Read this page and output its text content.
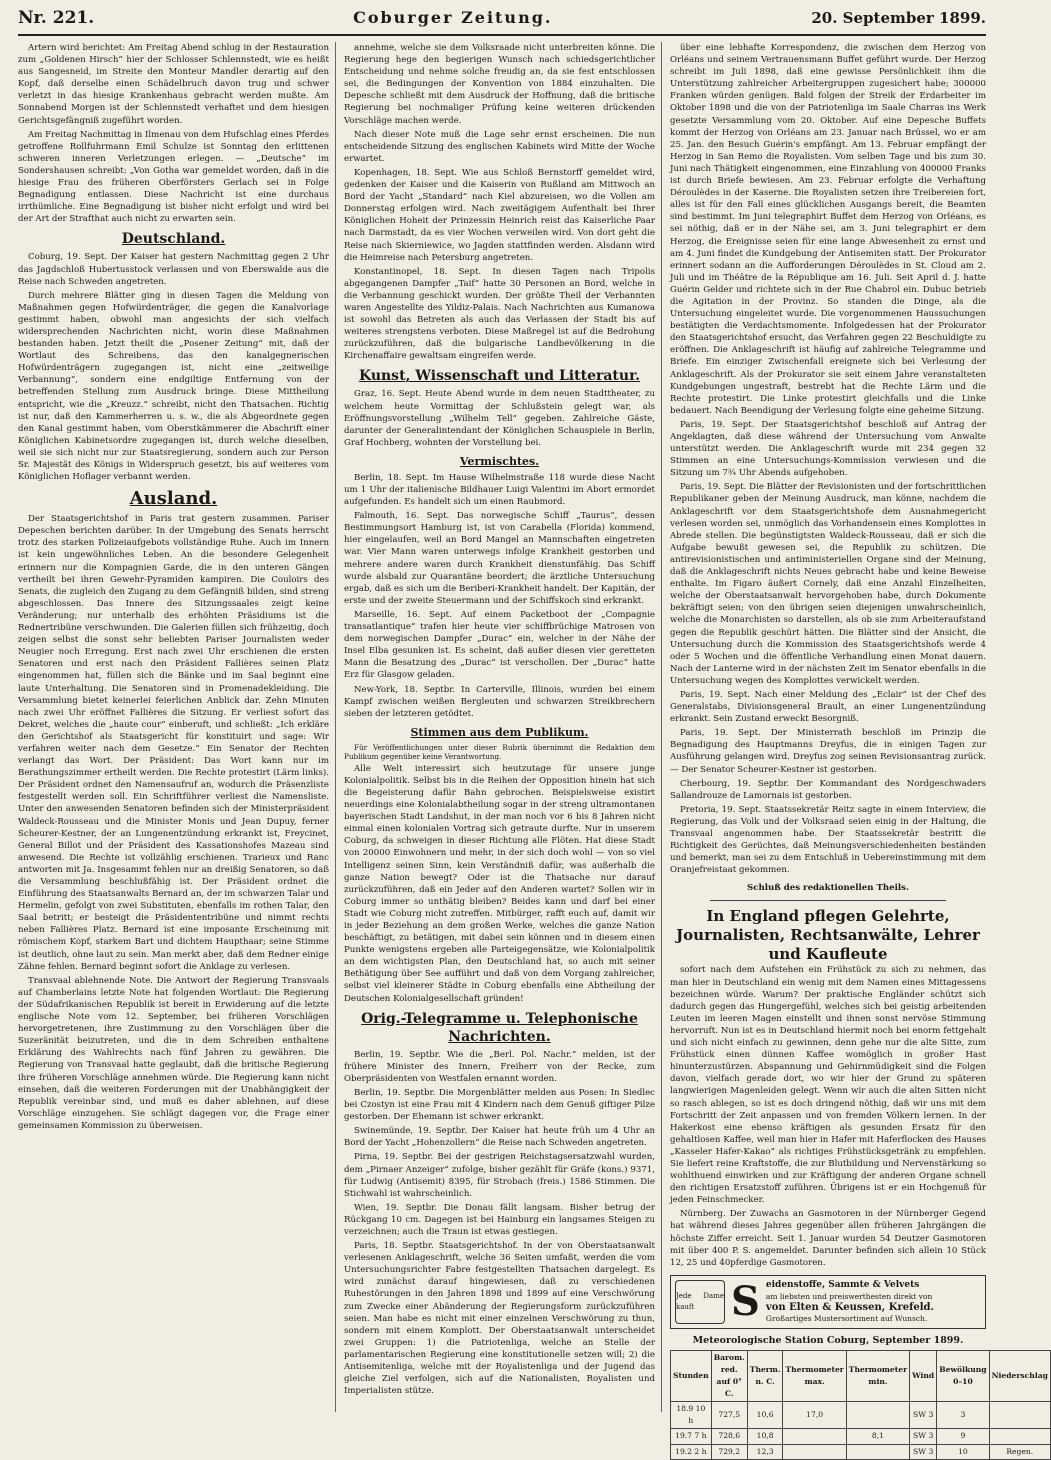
Nr. 221.	Coburger Zeitung.	20. September 1899.

Artern wird berichtet: Am Freitag Abend schlug in der Restauration zum „Goldenen Hirsch“ hier der Schlosser Schlennstedt, wie es heißt aus Sangesneid, im Streite den Monteur Mandler derartig auf den Kopf, daß derselbe einen Schädelbruch davon trug und schwer verletzt in das hiesige Krankenhaus gebracht werden mußte. Am Sonnabend Morgen ist der Schlennstedt verhaftet und dem hiesigen Gerichtsgefängniß zugeführt worden.

Am Freitag Nachmittag in Ilmenau von dem Hufschlag eines Pferdes getroffene Rollfuhrmann Emil Schulze ist Sonntag den erlittenen schweren inneren Verletzungen erlegen. — „Deutsche“ im Sondershausen schreibt: „Von Gotha war gemeldet worden, daß in die hiesige Frau des früheren Oberförsters Gerlach sei in Folge Begnadigung entlassen. Diese Nachricht ist eine durchaus irrthümliche. Eine Begnadigung ist bisher nicht erfolgt und wird bei der Art der Strafthat auch nicht zu erwarten sein.

Deutschland.

Coburg, 19. Sept. Der Kaiser hat gestern Nachmittag gegen 2 Uhr das Jagdschloß Hubertusstock verlassen und von Eberswalde aus die Reise nach Schweden angetreten.

Durch mehrere Blätter ging in diesen Tagen die Meldung von Maßnahmen gegen Hofwürdenträger, die gegen die Kanalvorlage gestimmt haben, obwohl man angesichts der sich vielfach widersprechenden Nachrichten nicht, worin diese Maßnahmen bestanden haben. Jetzt theilt die „Posener Zeitung“ mit, daß der Wortlaut des Schreibens, das den kanalgegnerischen Hofwürdenträgern zugegangen ist, nicht eine „zeitweilige Verbannung“, sondern eine endgiltige Entfernung von der betreffenden Stellung zum Ausdruck bringe. Diese Mittheilung entspricht, wie die „Kreuzz.“ schreibt, nicht den Thatsachen. Richtig ist nur, daß den Kammerherren u. s. w., die als Abgeordnete gegen den Kanal gestimmt haben, vom Oberstkämmerer die Abschrift einer Königlichen Kabinetsordre zugegangen ist, durch welche dieselben, weil sie sich nicht nur zur Staatsregierung, sondern auch zur Person Sr. Majestät des Königs in Widerspruch gesetzt, bis auf weiteres vom Königlichen Hoflager verbannt werden.

Ausland.

Der Staatsgerichtshof in Paris trat gestern zusammen. Pariser Depeschen berichten darüber. In der Umgebung des Senats herrscht trotz des starken Polizeiaufgebots vollständige Ruhe. Auch im Innern ist kein ungewöhnliches Leben. An die besondere Gelegenheit erinnern nur die Kompagnien Garde, die in den unteren Gängen vertheilt bei ihren Gewehr-Pyramiden kampiren. Die Couloirs des Senats, die zugleich den Zugang zu dem Gefängniß bilden, sind streng abgeschlossen. Das Innere des Sitzungssaales zeigt keine Veränderung; nur unterhalb des erhöhten Präsidiums ist die Rednertribüne verschwunden. Die Galerien füllen sich frühzeitig, doch zeigen selbst die sonst sehr beliebten Pariser Journalisten weder Neugier noch Erregung. Erst nach zwei Uhr erschienen die ersten Senatoren und erst nach den Präsident Fallières seinen Platz eingenommen hat, füllen sich die Bänke und im Saal beginnt eine laute Unterhaltung. Die Senatoren sind in Promenadekleidung. Die Versammlung bietet keinerlei feierlichen Anblick dar. Zehn Minuten nach zwei Uhr eröffnet Fallières die Sitzung. Er verliest sofort das Dekret, welches die „haute cour“ einberuft, und schließt: „Ich erkläre den Gerichtshof als Staatsgericht für konstituirt und sage: Wir verfahren weiter nach dem Gesetze.“ Ein Senator der Rechten verlangt das Wort. Der Präsident: Das Wort kann nur im Berathungszimmer ertheilt werden. Die Rechte protestirt (Lärm links). Der Präsident ordnet den Namensaufruf an, wodurch die Präsenzliste festgestellt werden soll. Ein Schriftführer verliest die Namensliste. Unter den anwesenden Senatoren befinden sich der Ministerpräsident Waldeck-Rousseau und die Minister Monis und Jean Dupuy, ferner Scheurer-Kestner, der an Lungenentzündung erkrankt ist, Freycinet, General Billot und der Präsident des Kassationshofes Mazeau sind anwesend. Die Rechte ist vollzählig erschienen. Trarieux und Ranc antworten mit Ja. Insgesammt fehlen nur an dreißig Senatoren, so daß die Versammlung beschlußfähig ist. Der Präsident ordnet die Einführung des Staatsanwalts Bernard an, der im schwarzen Talar und Hermelin, gefolgt von zwei Substituten, ebenfalls im rothen Talar, den Saal betritt; er besteigt die Präsidententribüne und nimmt rechts neben Fallières Platz. Bernard ist eine imposante Erscheinung mit römischem Kopf, starkem Bart und dichtem Haupthaar; seine Stimme ist deutlich, ohne laut zu sein. Man merkt aber, daß dem Redner einige Zähne fehlen. Bernard beginnt sofort die Anklage zu verlesen.

Transvaal ablehnende Note. Die Antwort der Regierung Transvaals auf Chamberlains letzte Note hat folgenden Wortlaut: Die Regierung der Südafrikanischen Republik ist bereit in Erwiderung auf die letzte englische Note vom 12. September, bei früheren Vorschlägen hervorgetretenen, ihre Zustimmung zu den Vorschlägen über die Suzeränität beizutreten, und die in dem Schreiben enthaltene Erklärung des Wahlrechts nach fünf Jahren zu gewähren. Die Regierung von Transvaal hatte geglaubt, daß die britische Regierung ihre früheren Vorschläge annehmen würde. Die Regierung kann nicht einsehen, daß die weiteren Forderungen mit der Unabhängigkeit der Republik vereinbar sind, und muß es daher ablehnen, auf diese Vorschläge einzugehen. Sie schlägt dagegen vor, die Frage einer gemeinsamen Kommission zu überweisen.

annehme, welche sie dem Volksraade nicht unterbreiten könne. Die Regierung hege den begierigen Wunsch nach schiedsgerichtlicher Entscheidung und nehme solche freudig an, da sie fest entschlossen sei, die Bedingungen der Konvention von 1884 einzuhalten. Die Depesche schließt mit dem Ausdruck der Hoffnung, daß die britische Regierung bei nochmaliger Prüfung keine weiteren drückenden Vorschläge machen werde.

Nach dieser Note muß die Lage sehr ernst erscheinen. Die nun entscheidende Sitzung des englischen Kabinets wird Mitte der Woche erwartet.

Kopenhagen, 18. Sept. Wie aus Schloß Bernstorff gemeldet wird, gedenken der Kaiser und die Kaiserin von Rußland am Mittwoch an Bord der Yacht „Standard“ nach Kiel abzureisen, wo die Vollen am Donnerstag erfolgen wird. Nach zweitägigem Aufenthalt bei Ihrer Königlichen Hoheit der Prinzessin Heinrich reist das Kaiserliche Paar nach Darmstadt, da es vier Wochen verweilen wird. Von dort geht die Reise nach Skierniewice, wo Jagden stattfinden werden. Alsdann wird die Heimreise nach Petersburg angetreten.

Konstantinopel, 18. Sept. In diesen Tagen nach Tripolis abgegangenen Dampfer „Taif“ hatte 30 Personen an Bord, welche in die Verbannung geschickt wurden. Der größte Theil der Verbannten waren Angestellte des Yildiz-Palais. Nach Nachrichten aus Kumanowa ist sowohl das Betreten als auch das Verlassen der Stadt bis auf weiteres strengstens verboten. Diese Maßregel ist auf die Bedrohung zurückzuführen, daß die bulgarische Landbevölkerung in die Kirchenaffaire gewaltsam eingreifen werde.

Kunst, Wissenschaft und Litteratur.

Graz, 16. Sept. Heute Abend wurde in dem neuen Stadttheater, zu welchem heute Vormittag der Schlußstein gelegt war, als Eröffnungsvorstellung „Wilhelm Tell“ gegeben. Zahlreiche Gäste, darunter der Generalintendant der Königlichen Schauspiele in Berlin, Graf Hochberg, wohnten der Vorstellung bei.

Vermischtes.

Berlin, 18. Sept. Im Hause Wilhelmstraße 118 wurde diese Nacht um 1 Uhr der italienische Bildhauer Luigi Valentini im Abort ermordet aufgefunden. Es handelt sich um einen Raubmord.

Falmouth, 16. Sept. Das norwegische Schiff „Taurus“, dessen Bestimmungsort Hamburg ist, ist von Carabella (Florida) kommend, hier eingelaufen, weil an Bord Mangel an Mannschaften eingetreten war. Vier Mann waren unterwegs infolge Krankheit gestorben und mehrere andere waren durch Krankheit dienstunfähig. Das Schiff wurde alsbald zur Quarantäne beordert; die ärztliche Untersuchung ergab, daß es sich um die Beriberi-Krankheit handelt. Der Kapitän, der erste und der zweite Steuermann und der Schiffskoch sind erkrankt.

Marseille, 16. Sept. Auf einem Packetboot der „Compagnie transatlantique“ trafen hier heute vier schiffbrüchige Matrosen von dem norwegischen Dampfer „Durac“ ein, welcher in der Nähe der Insel Elba gesunken ist. Es scheint, daß außer diesen vier geretteten Mann die Besatzung des „Durac“ ist verschollen. Der „Durac“ hatte Erz für Glasgow geladen.

New-York, 18. Septbr. In Carterville, Illinois, wurden bei einem Kampf zwischen weißen Bergleuten und schwarzen Streikbrechern sieben der letzteren getödtet.

Stimmen aus dem Publikum.

Für Veröffentlichungen unter dieser Rubrik übernimmt die Redaktion dem Publikum gegenüber keine Verantwortung.

Alle Welt interessirt sich heutzutage für unsere junge Kolonialpolitik. Selbst bis in die Reihen der Opposition hinein hat sich die Begeisterung dafür Bahn gebrochen. Beispielsweise existirt neuerdings eine Kolonialabtheilung sogar in der streng ultramontanen bayerischen Stadt Landshut, in der man noch vor 6 bis 8 Jahren nicht einmal einen kolonialen Vortrag sich getraute durfte. Nur in unserem Coburg, da schweigen in dieser Richtung alle Flöten. Hat diese Stadt von 20000 Einwohnern und mehr, in der sich doch wohl — von so viel Intelligenz seinen Sinn, kein Verständniß dafür, was außerhalb die ganze Nation bewegt? Oder ist die Thatsache nur darauf zurückzuführen, daß ein Jeder auf den Anderen wartet? Sollen wir in Coburg immer so unthätig bleiben? Beides kann und darf bei einer Stadt wie Coburg nicht zutreffen. Mitbürger, rafft euch auf, damit wir in jeder Beziehung an dem großen Werke, welches die ganze Nation beschäftigt, zu betätigen, mit dabei sein können und in diesem einen Punkte wenigstens ergeben alle Parteigegensätze, wie Kolonialpolitik an dem wichtigsten Plan, den Deutschland hat, so auch mit seiner Bethätigung über See aufführt und daß von dem Vorgang zahlreicher, selbst viel kleinerer Städte in Coburg ebenfalls eine Abtheilung der Deutschen Kolonialgesellschaft gründen!

Orig.-Telegramme u. Telephonische Nachrichten.

Berlin, 19. Septbr. Wie die „Berl. Pol. Nachr.“ melden, ist der frühere Minister des Innern, Freiherr von der Recke, zum Oberpräsidenten von Westfalen ernannt worden.

Berlin, 19. Septbr. Die Morgenblätter melden aus Posen: In Siedlec bei Czostyn ist eine Frau mit 4 Kindern nach dem Genuß giftiger Pilze gestorben. Der Ehemann ist schwer erkrankt.

Swinemünde, 19. Septbr. Der Kaiser hat heute früh um 4 Uhr an Bord der Yacht „Hohenzollern“ die Reise nach Schweden angetreten.

Pirna, 19. Septbr. Bei der gestrigen Reichstagsersatzwahl wurden, dem „Pirnaer Anzeiger“ zufolge, bisher gezählt für Gräfe (kons.) 9371, für Ludwig (Antisemit) 8395, für Strobach (freis.) 1586 Stimmen. Die Stichwahl ist wahrscheinlich.

Wien, 19. Septbr. Die Donau fällt langsam. Bisher betrug der Rückgang 10 cm. Dagegen ist bei Hainburg ein langsames Steigen zu verzeichnen; auch die Traun ist etwas gestiegen.

Paris, 18. Septbr. Staatsgerichtshof. In der von Oberstaatsanwalt verlesenen Anklageschrift, welche 36 Seiten umfaßt, werden die vom Untersuchungsrichter Fabre festgestellten Thatsachen dargelegt. Es wird zunächst darauf hingewiesen, daß zu verschiedenen Ruhestörungen in den Jahren 1898 und 1899 auf eine Verschwörung zum Zwecke einer Abänderung der Regierungsform zurückzuführen seien. Man habe es nicht mit einer einzelnen Verschwörung zu thun, sondern mit einem Komplott. Der Oberstaatsanwalt unterscheidet zwei Gruppen: 1) die Patriotenliga, welche an Stelle der parlamentarischen Regierung eine konstitutionelle setzen will; 2) die Antisemitenliga, welche mit der Royalistenliga und der Jugend das gleiche Ziel verfolgen, sich auf die Nationalisten, Royalisten und Imperialisten stütze.

über eine lebhafte Korrespondenz, die zwischen dem Herzog von Orléans und seinem Vertrauensmann Buffet geführt wurde. Der Herzog schreibt im Juli 1898, daß eine gewisse Persönlichkeit ihm die Unterstützung zahlreicher Arbeitergruppen zugesichert habe; 300000 Franken würden genügen. Bald folgen der Streik der Erdarbeiter im Oktober 1898 und die von der Patriotenliga im Saale Charras ins Werk gesetzte Versammlung vom 20. Oktober. Auf eine Depesche Buffets kommt der Herzog von Orléans am 23. Januar nach Brüssel, wo er am 25. Jan. den Besuch Guérin's empfängt. Am 13. Februar empfängt der Herzog in San Remo die Royalisten. Vom selben Tage und bis zum 30. Juni nach Thätigkeit eingenommen, eine Einzahlung von 400000 Franks ist durch Briefe bewiesen. Am 23. Februar erfolgte die Verhaftung Déroulèdes in der Kaserne. Die Royalisten setzen ihre Treibereien fort, alles ist für den Fall eines glücklichen Ausgangs bereit, die Beamten sind bestimmt. Im Juni telegraphirt Buffet dem Herzog von Orléans, es sei nöthig, daß er in der Nähe sei, am 3. Juni telegraphirt er dem Herzog, die Ereignisse seien für eine lange Abwesenheit zu ernst und am 4. Juni findet die Kundgebung der Antisemiten statt. Der Prokurator erinnert sodann an die Aufforderungen Déroulèdes in St. Cloud am 2. Juli und im Théâtre de la République am 16. Juli. Seit April d. J. hatte Guérin Gelder und richtete sich in der Rue Chabrol ein. Dubuc betrieb die Agitation in der Provinz. So standen die Dinge, als die Untersuchung eingeleitet wurde. Die vorgenommenen Haussuchungen bestätigten die Verdachtsmomente. Infolgedessen hat der Prokurator den Staatsgerichtshof ersucht, das Verfahren gegen 22 Beschuldigte zu eröffnen. Die Anklageschrift ist häufig auf zahlreiche Telegramme und Briefe. Ein einziger Zwischenfall ereignete sich bei Verlesung der Anklageschrift. Als der Prokurator sie seit einem Jahre veranstalteten Kundgebungen ungestraft, bestrebt hat die Rechte Lärm und die Rechte protestirt. Die Linke protestirt gleichfalls und die Linke bedauert. Nach Beendigung der Verlesung folgte eine geheime Sitzung.

Paris, 19. Sept. Der Staatsgerichtshof beschloß auf Antrag der Angeklagten, daß diese während der Untersuchung vom Anwalte unterstützt werden. Die Anklageschrift wurde mit 234 gegen 32 Stimmen an eine Untersuchungs-Kommission verwiesen und die Sitzung um 7¾ Uhr Abends aufgehoben.

Paris, 19. Sept. Die Blätter der Revisionisten und der fortschrittlichen Republikaner geben der Meinung Ausdruck, man könne, nachdem die Anklageschrift vor dem Staatsgerichtshofe dem Ausnahmegericht verlesen worden sei, unmöglich das Vorhandensein eines Komplottes in Abrede stellen. Die begünstigtsten Waldeck-Rousseau, daß er sich die Aufgabe bewußt gewesen sei, die Republik zu schützen. Die antirevisionistischen und antiministeriellen Organe sind der Meinung, daß die Anklageschrift nichts Neues gebracht habe und keine Beweise enthalte. Im Figaro äußert Cornely, daß eine Anzahl Einzelheiten, welche der Oberstaatsanwalt hervorgehoben habe, durch Dokumente bekräftigt seien; von den übrigen seien diejenigen unwahrscheinlich, welche die Monarchisten so darstellen, als ob sie zum Arbeiteraufstand gegen die Republik geschürt hätten. Die Blätter sind der Ansicht, die Untersuchung durch die Kommission des Staatsgerichtshofs werde 4 oder 5 Wochen und die öffentliche Verhandlung einen Monat dauern. Nach der Lanterne wird in der nächsten Zeit im Senator ebenfalls in die Untersuchung wegen des Komplottes verwickelt werden.

Paris, 19. Sept. Nach einer Meldung des „Eclair“ ist der Chef des Generalstabs, Divisionsgeneral Brault, an einer Lungenentzündung erkrankt. Sein Zustand erweckt Besorgniß.

Paris, 19. Sept. Der Ministerrath beschloß im Prinzip die Begnadigung des Hauptmanns Dreyfus, die in einigen Tagen zur Ausführung gelangen wird. Dreyfus zog seinen Revisionsantrag zurück. — Der Senator Scheurer-Kestner ist gestorben.

Cherbourg, 19. Septbr. Der Kommandant des Nordgeschwaders Sallandrouze de Lamornais ist gestorben.

Pretoria, 19. Sept. Staatssekretär Reitz sagte in einem Interview, die Regierung, das Volk und der Volksraad seien einig in der Haltung, die Transvaal angenommen habe. Der Staatssekretär bestritt die Richtigkeit des Gerüchtes, daß Meinungsverschiedenheiten beständen und bemerkt, man sei zu dem Entschluß in Uebereinstimmung mit dem Oranjefreistaat gekommen.

Schluß des redaktionellen Theils.
In England pflegen Gelehrte, Journalisten, Rechtsanwälte, Lehrer und Kaufleute

sofort nach dem Aufstehen ein Frühstück zu sich zu nehmen, das man hier in Deutschland ein wenig mit dem Namen eines Mittagessens bezeichnen würde. Warum? Der praktische Engländer schützt sich dadurch gegen das Hungergefühl, welches sich bei geistig arbeitenden Leuten im leeren Magen einstellt und ihnen sonst nervöse Stimmung hervorruft. Nun ist es in Deutschland hiermit noch bei enorm fettgehalt und sich nicht einfach zu gewinnen, denn gehe nur die alte Sitte, zum Frühstück einen dünnen Kaffee womöglich in großer Hast hinunterzustürzen. Abspannung und Gehirnmüdigkeit sind die Folgen davon, vielfach gerade dort, wo wir hier der Grund zu späteren langwierigen Magenleiden gelegt. Wenn wir auch die alten Sitten nicht so rasch ablegen, so ist es doch dringend nöthig, daß wir uns mit dem Fortschritt der Zeit anpassen und von fremden Völkern lernen. In der Hakerkost eine ebenso kräftigen als gesunden Ersatz für den gehaltlosen Kaffee, weil man hier in Hafer mit Haferflocken des Hauses „Kasseler Hafer-Kakao“ als richtiges Frühstücksgetränk zu empfehlen. Sie liefert reine Kraftstoffe, die zur Blutbildung und Nervenstärkung so wohlthuend einwirken und zur Kräftigung der anderen Organe schnell den richtigen Ersatzstoff zuführen. Übrigens ist er ein Hochgenuß für jeden Feinschmecker.

Nürnberg. Der Zuwachs an Gasmotoren in der Nürnberger Gegend hat während dieses Jahres gegenüber allen früheren Jahrgängen die höchste Ziffer erreicht. Seit 1. Januar wurden 54 Deutzer Gasmotoren mit über 400 P. S. angemeldet. Darunter befinden sich allein 10 Stück 12, 25 und 40pferdige Gasmotoren.

Jede Dame kauft S eidenstoffe, Sammte & Velvets
am liebsten und preiswerthesten direkt von
von Elten & Keussen, Krefeld.
Großartiges Mustersortiment auf Wunsch.
Meteorologische Station Coburg, September 1899.
Stunden	Barom. red. auf 0° C.	Therm. n. C.	Thermometer max.	Thermometer min.	Wind	Bewölkung 0–10	Niederschlag
18.9 10 h	727,5	10,6	17,0		SW 3	3	
19.7 7 h	728,6	10,8		8,1	SW 3	9	
19.2 2 h	729,2	12,3			SW 3	10	Regen.
